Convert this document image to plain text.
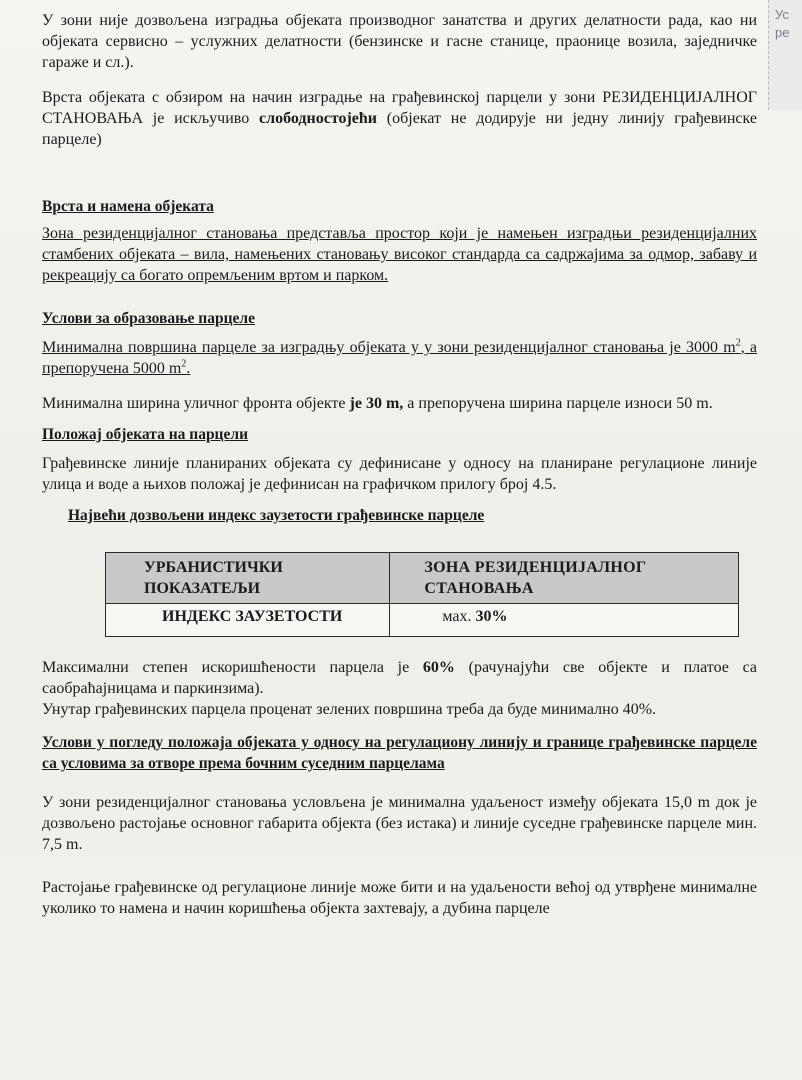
Ус
ре

У зони није дозвољена изградња објеката производног занатства и других делатности рада, као ни објеката сервисно – услужних делатности (бензинске и гасне станице, праонице возила, заједничке гараже и сл.).

Врста објеката с обзиром на начин изградње на грађевинској парцели у зони РЕЗИДЕНЦИЈАЛНОГ СТАНОВАЊА је искључиво слободностојећи (објекат не додирује ни једну линију грађевинске парцеле)

Врста и намена објеката

Зона резиденцијалног становања представља простор који је намењен изградњи резиденцијалних стамбених објеката – вила, намењених становању високог стандарда са садржајима за одмор, забаву и рекреацију са богато опремљеним вртом и парком.

Услови за образовање парцеле

Минимална површина парцеле за изградњу објеката у у зони резиденцијалног становања је 3000 $m^2$, а препоручена 5000 $m^2$.

Минимална ширина уличног фронта објекте je 30 m, а препоручена ширина парцеле износи 50 m.

Положај објеката на парцели

Грађевинске линије планираних објеката су дефинисане у односу на планиране регулационе линије улица и воде а њихов положај је дефинисан на графичком прилогу број 4.5.

Највећи дозвољени индекс заузетости грађевинске парцеле

УРБАНИСТИЧКИ ПОКАЗАТЕЉИ	ЗОНА РЕЗИДЕНЦИЈАЛНОГ СТАНОВАЊА
ИНДЕКС ЗАУЗЕТОСТИ	мах. 30%

Максимални степен искоришћености парцела је 60% (рачунајући све објекте и платое са саобраћајницама и паркинзима).

Унутар грађевинских парцела проценат зелених површина треба да буде минимално 40%.

Услови у погледу положаја објеката у односу на регулациону линију и границе грађевинске парцеле са условима за отворе према бочним суседним парцелама

У зони резиденцијалног становања условљена је минимална удаљеност између објеката 15,0 m док је дозвољено растојање основног габарита објекта (без истака) и линије суседне грађевинске парцеле мин. 7,5 m.

Растојање грађевинске од регулационе линије може бити и на удаљености већој од утврђене минималне уколико то намена и начин коришћења објекта захтевају, а дубина парцеле
